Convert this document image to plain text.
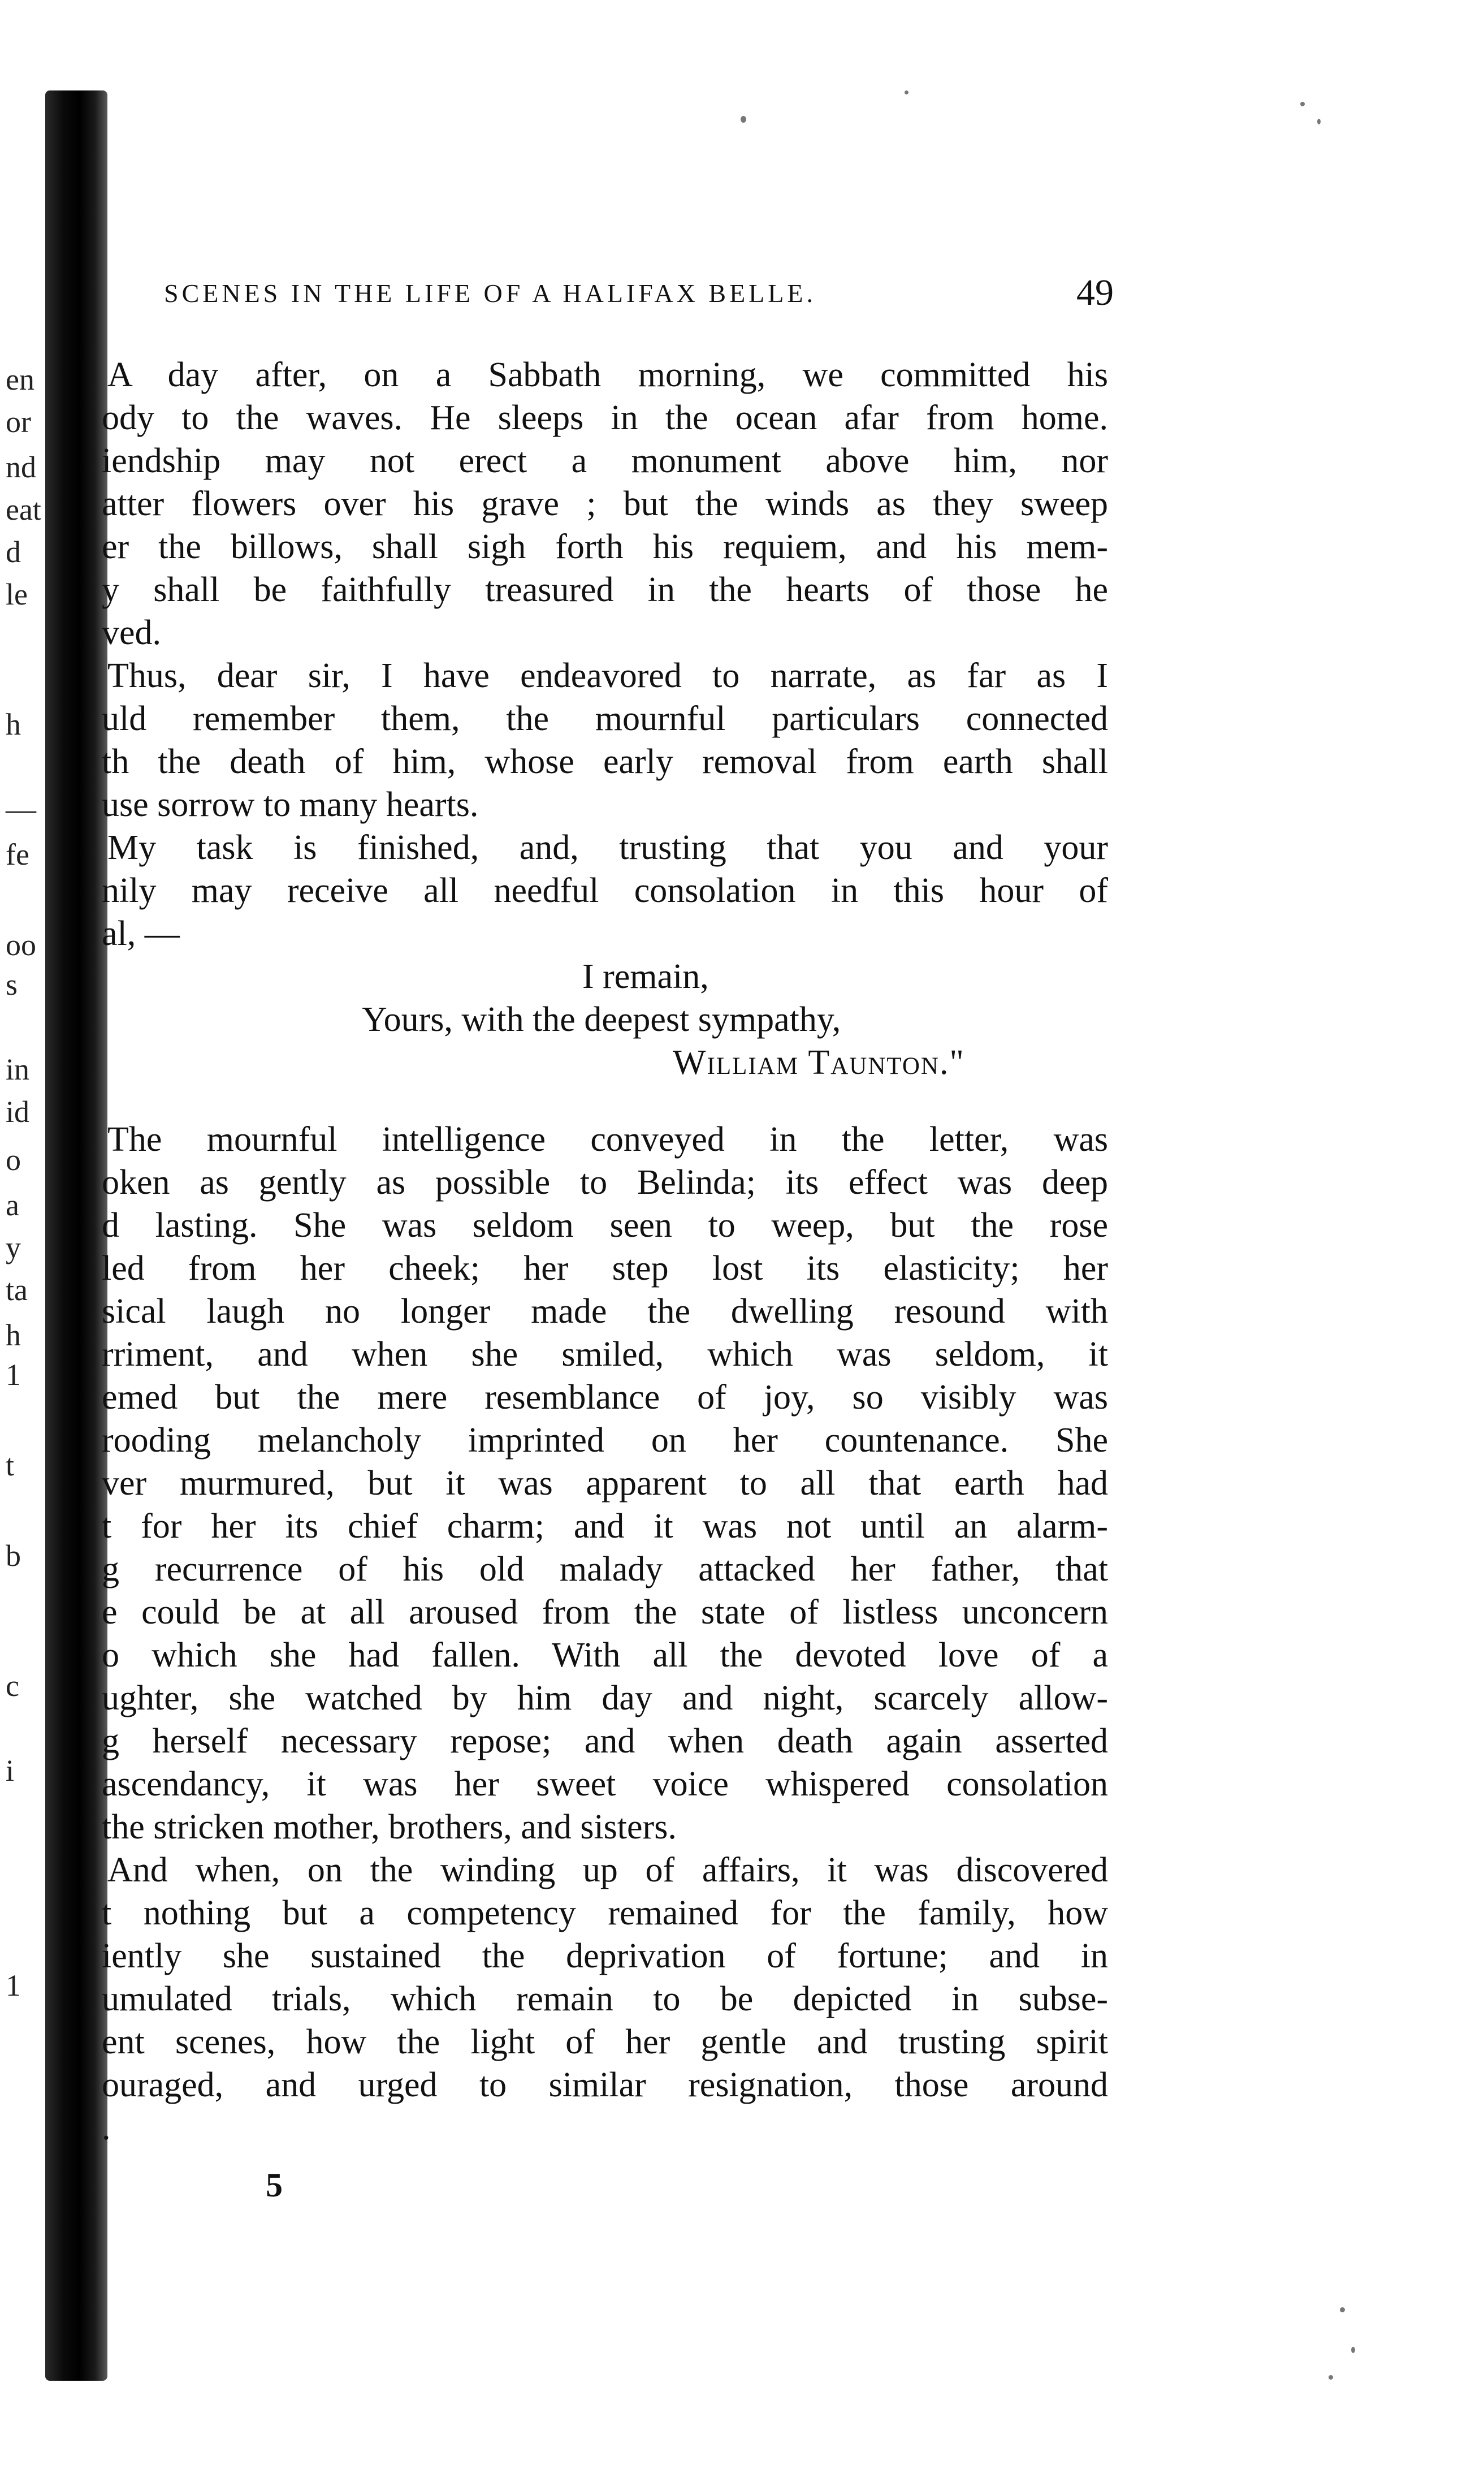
en
or
nd
eat
d
le
h
—
fe
oo
s
in
id
o
a
y
ta
h
1
t
b
c
i
1
SCENES IN THE LIFE OF A HALIFAX BELLE.	49
A day after, on a Sabbath morning, we committed his
ody to the waves. He sleeps in the ocean afar from home.
iendship may not erect a monument above him, nor
atter flowers over his grave ; but the winds as they sweep
er the billows, shall sigh forth his requiem, and his mem-
y shall be faithfully treasured in the hearts of those he
ved.
Thus, dear sir, I have endeavored to narrate, as far as I
uld remember them, the mournful particulars connected
th the death of him, whose early removal from earth shall
use sorrow to many hearts.
My task is finished, and, trusting that you and your
nily may receive all needful consolation in this hour of
al, —
I remain,
Yours, with the deepest sympathy,
William Taunton."
The mournful intelligence conveyed in the letter, was
oken as gently as possible to Belinda; its effect was deep
d lasting. She was seldom seen to weep, but the rose
led from her cheek; her step lost its elasticity; her
sical laugh no longer made the dwelling resound with
rriment, and when she smiled, which was seldom, it
emed but the mere resemblance of joy, so visibly was
rooding melancholy imprinted on her countenance. She
ver murmured, but it was apparent to all that earth had
t for her its chief charm; and it was not until an alarm-
g recurrence of his old malady attacked her father, that
e could be at all aroused from the state of listless unconcern
o which she had fallen. With all the devoted love of a
ughter, she watched by him day and night, scarcely allow-
g herself necessary repose; and when death again asserted
ascendancy, it was her sweet voice whispered consolation
the stricken mother, brothers, and sisters.
And when, on the winding up of affairs, it was discovered
t nothing but a competency remained for the family, how
iently she sustained the deprivation of fortune; and in
umulated trials, which remain to be depicted in subse-
ent scenes, how the light of her gentle and trusting spirit
ouraged, and urged to similar resignation, those around
.
5
